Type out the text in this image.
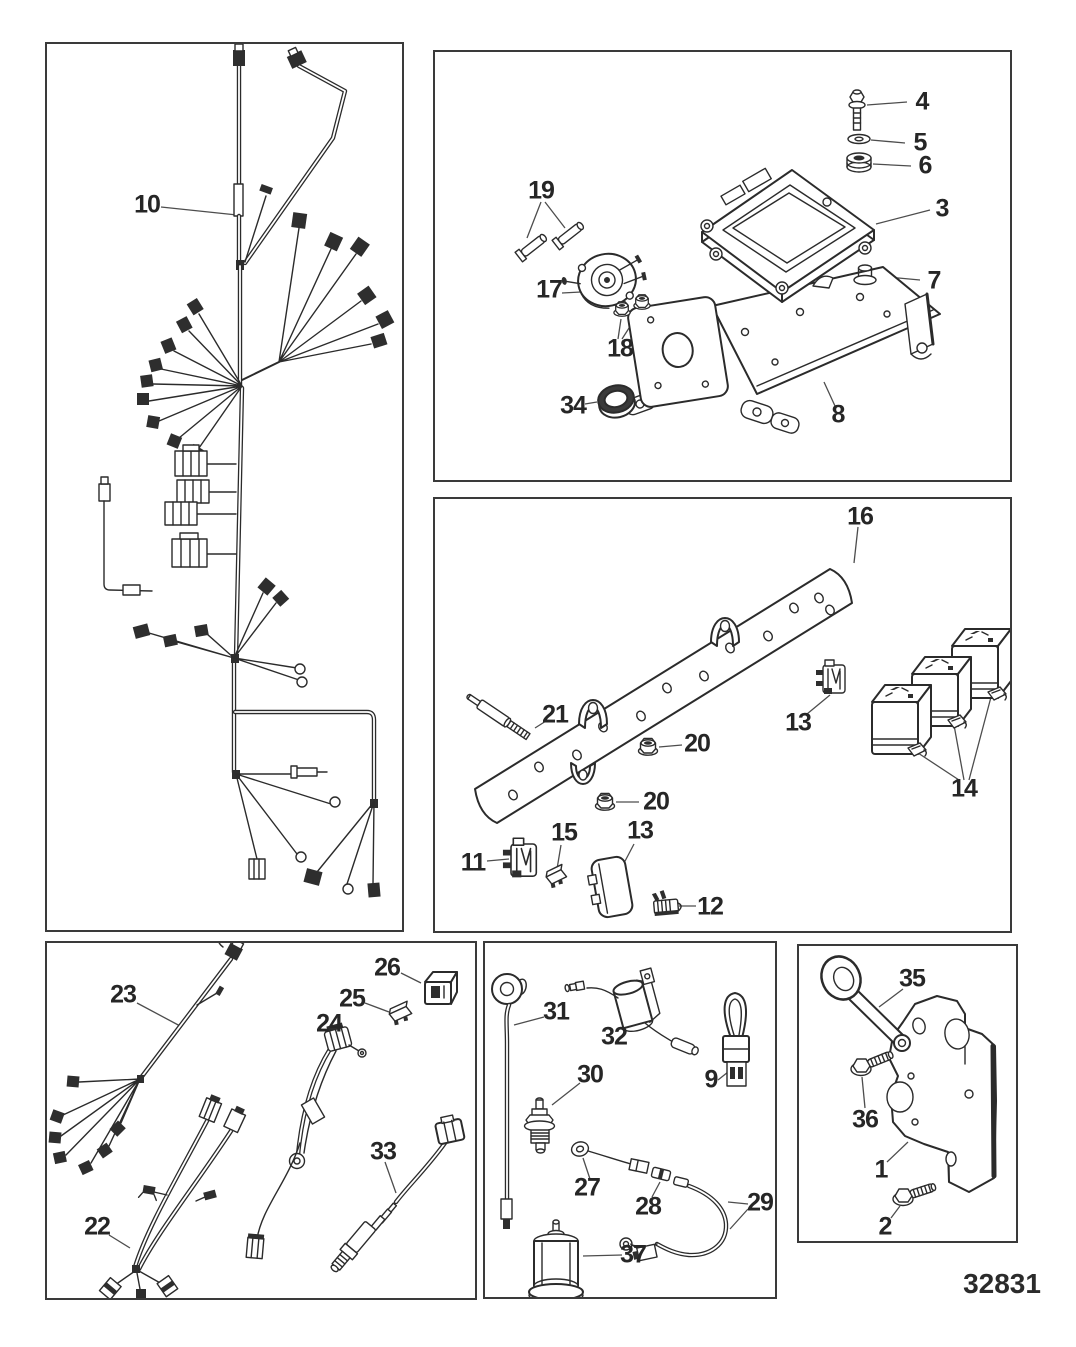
10
4
5
6
3
7
19
17
18
34	8
16
21
20
13
14
20
11
15 13
12
23
26
25
24
22
33
31
32
30	9
27
28	29
37
35
36
1
2
32831
